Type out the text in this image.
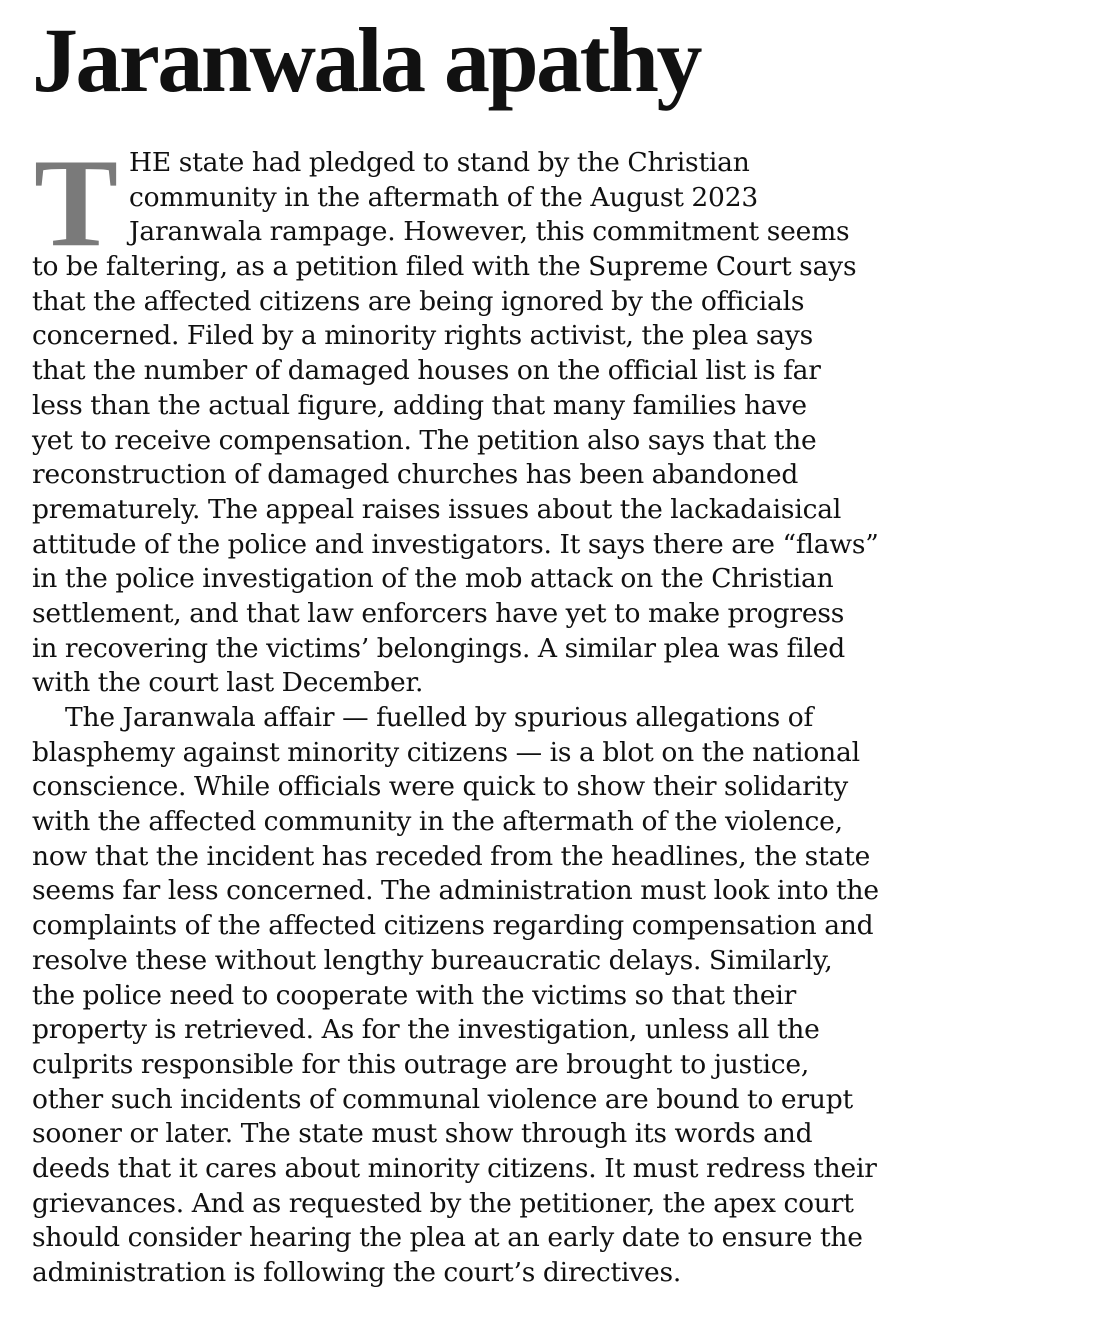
Jaranwala apathy
T HE state had pledged to stand by the Christian
community in the aftermath of the August 2023
Jaranwala rampage. However, this commitment seems
to be faltering, as a petition filed with the Supreme Court says
that the affected citizens are being ignored by the officials
concerned. Filed by a minority rights activist, the plea says
that the number of damaged houses on the official list is far
less than the actual figure, adding that many families have
yet to receive compensation. The petition also says that the
reconstruction of damaged churches has been abandoned
prematurely. The appeal raises issues about the lackadaisical
attitude of the police and investigators. It says there are “flaws”
in the police investigation of the mob attack on the Christian
settlement, and that law enforcers have yet to make progress
in recovering the victims’ belongings. A similar plea was filed
with the court last December.
The Jaranwala affair — fuelled by spurious allegations of
blasphemy against minority citizens — is a blot on the national
conscience. While officials were quick to show their solidarity
with the affected community in the aftermath of the violence,
now that the incident has receded from the headlines, the state
seems far less concerned. The administration must look into the
complaints of the affected citizens regarding compensation and
resolve these without lengthy bureaucratic delays. Similarly,
the police need to cooperate with the victims so that their
property is retrieved. As for the investigation, unless all the
culprits responsible for this outrage are brought to justice,
other such incidents of communal violence are bound to erupt
sooner or later. The state must show through its words and
deeds that it cares about minority citizens. It must redress their
grievances. And as requested by the petitioner, the apex court
should consider hearing the plea at an early date to ensure the
administration is following the court’s directives.
